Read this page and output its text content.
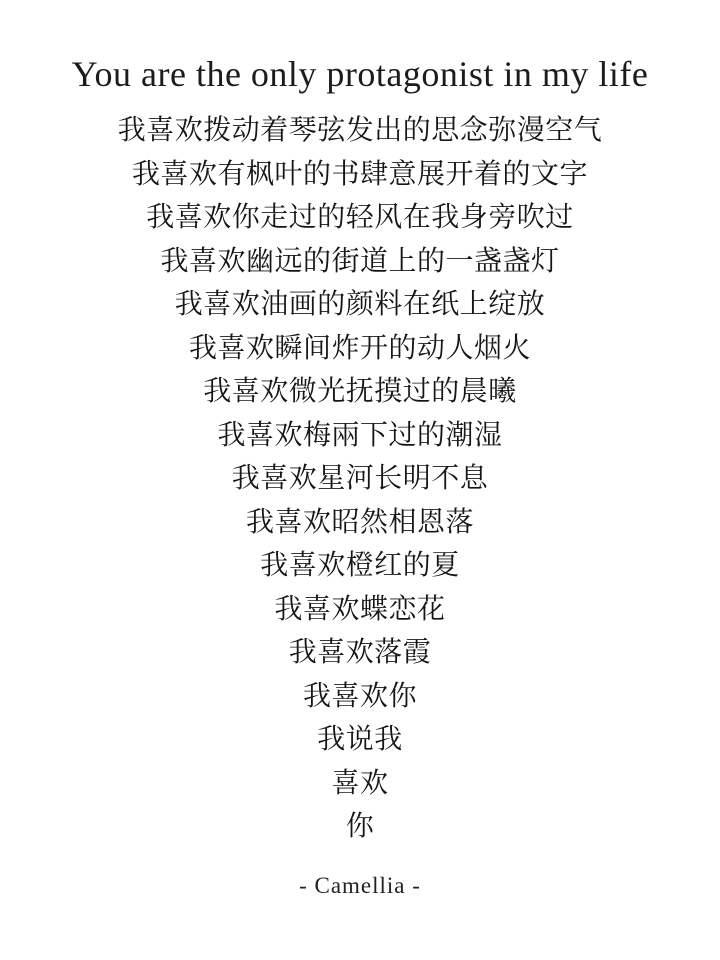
You are the only protagonist in my life
我喜欢拨动着琴弦发出的思念弥漫空气
我喜欢有枫叶的书肆意展开着的文字
我喜欢你走过的轻风在我身旁吹过
我喜欢幽远的街道上的一盏盏灯
我喜欢油画的颜料在纸上绽放
我喜欢瞬间炸开的动人烟火
我喜欢微光抚摸过的晨曦
我喜欢梅兩下过的潮湿
我喜欢星河长明不息
我喜欢昭然相恩落
我喜欢橙红的夏
我喜欢蝶恋花
我喜欢落霞
我喜欢你
我说我
喜欢
你
- Camellia -
